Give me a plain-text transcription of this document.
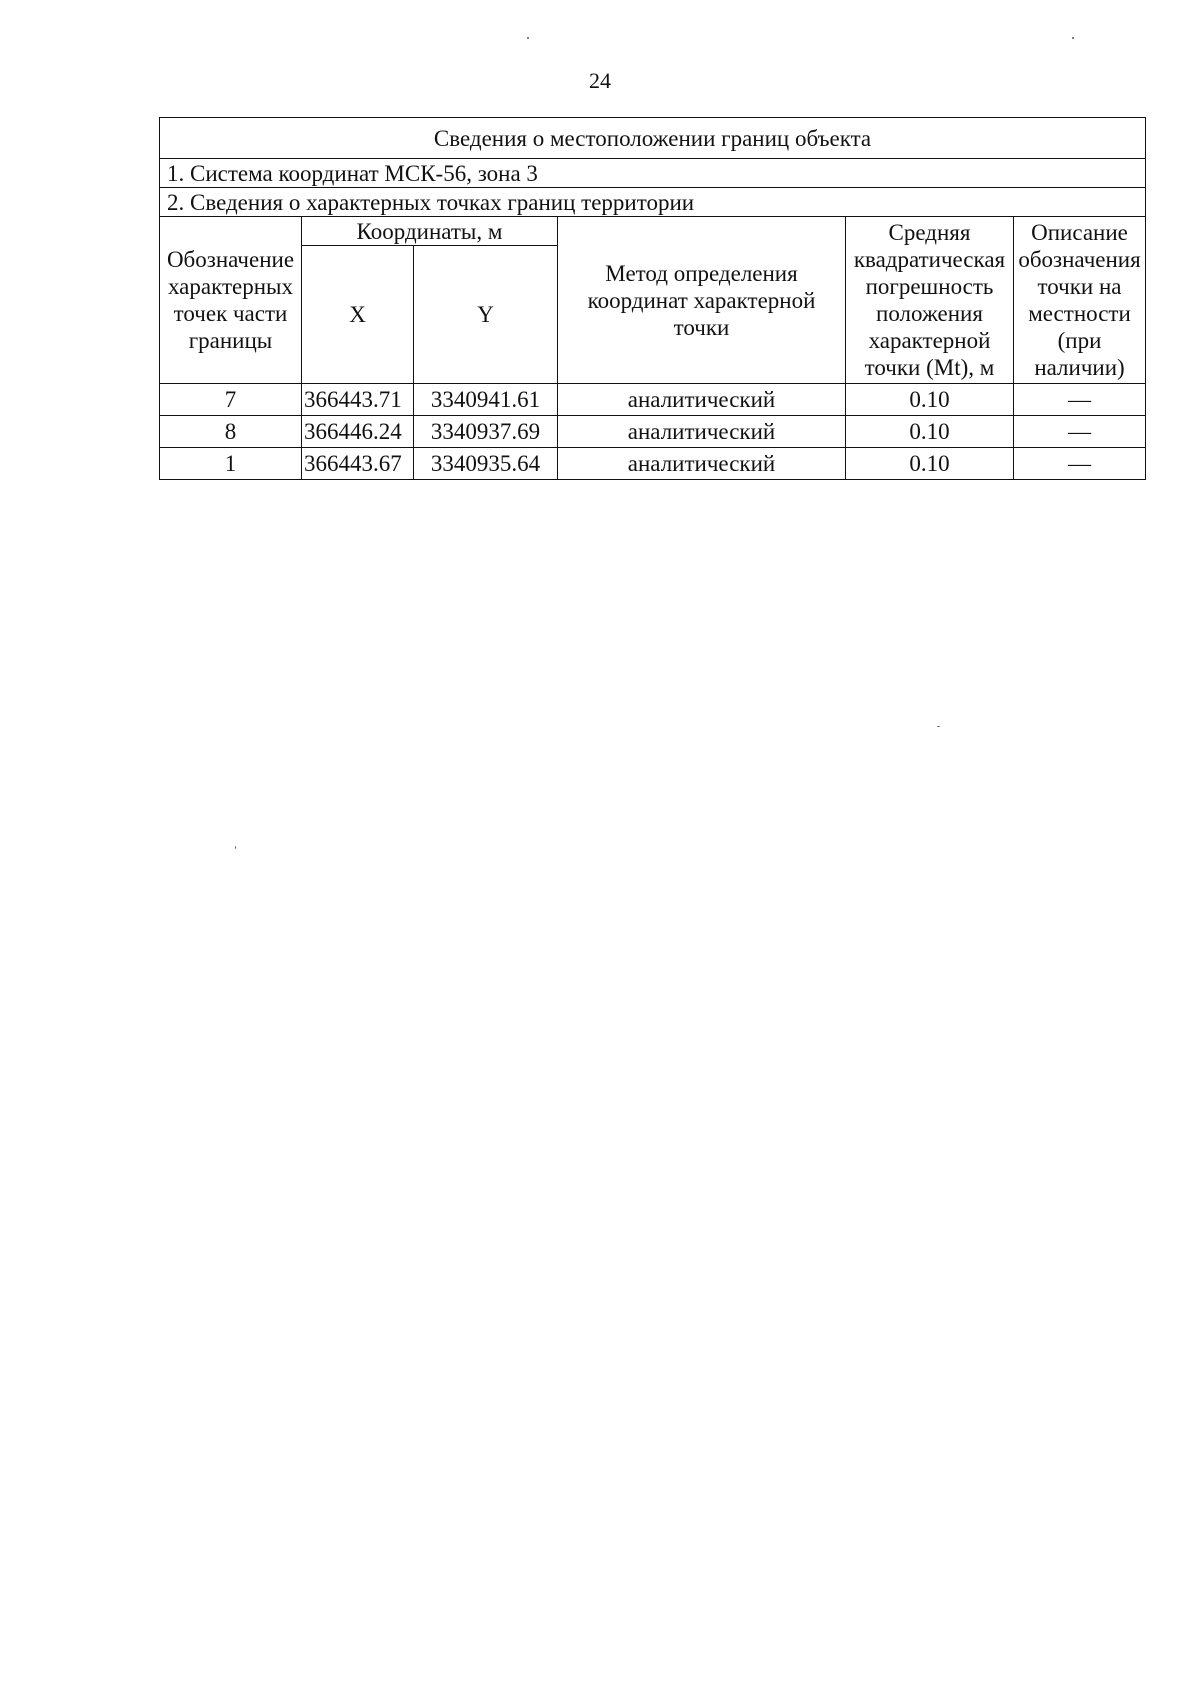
24
Сведения о местоположении границ объекта					
1. Система координат МСК-56, зона 3					
2. Сведения о характерных точках границ территории					
Обозначение характерных точек части границы	Координаты, м		Метод определения координат характерной точки	Средняя квадратическая погрешность положения характерной точки (Mt), м	Описание обозначения точки на местности (при наличии)
	X	Y			
7	366443.71	3340941.61	аналитический	0.10	—
8	366446.24	3340937.69	аналитический	0.10	—
1	366443.67	3340935.64	аналитический	0.10	—
